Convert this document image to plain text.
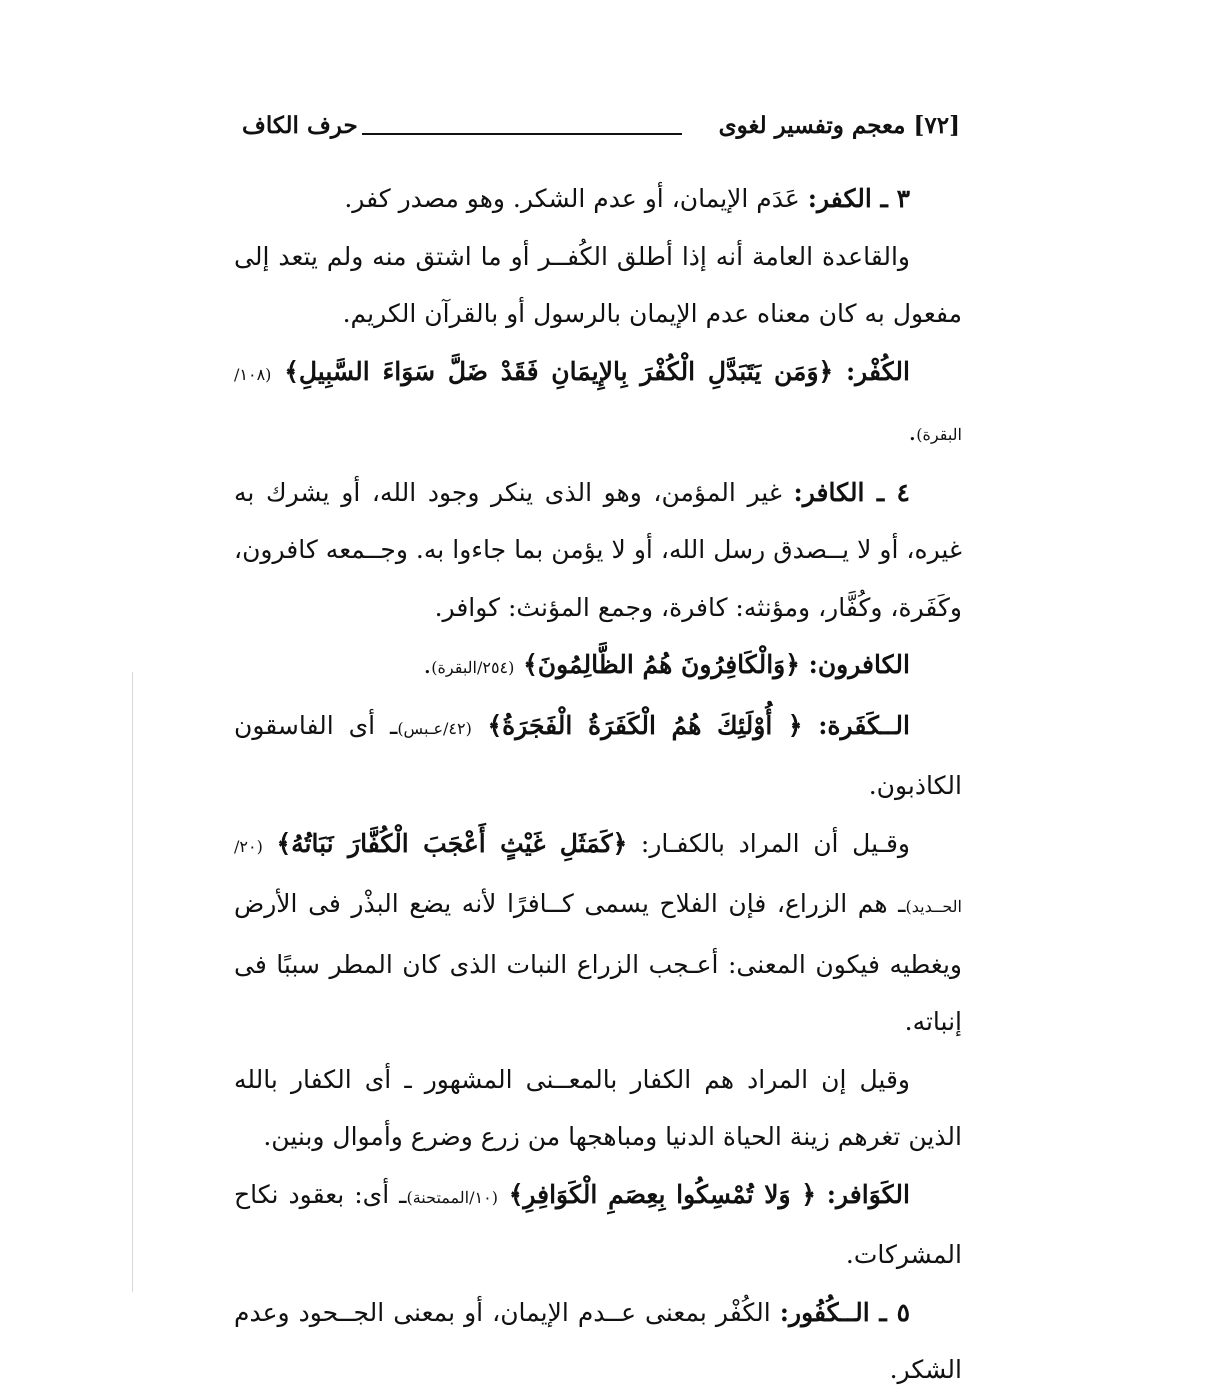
[٧٢] معجم وتفسير لغوى
حرف الكاف

٣ ـ الكفر: عَدَم الإيمان، أو عدم الشكر. وهو مصدر كفر.

والقاعدة العامة أنه إذا أطلق الكُفــر أو ما اشتق منه ولم يتعد إلى مفعول به كان معناه عدم الإيمان بالرسول أو بالقرآن الكريم.

الكُفْر: ﴿وَمَن يَتَبَدَّلِ الْكُفْرَ بِالإِيمَانِ فَقَدْ ضَلَّ سَوَاءَ السَّبِيلِ﴾ (١٠٨/البقرة).

٤ ـ الكافر: غير المؤمن، وهو الذى ينكر وجود الله، أو يشرك به غيره، أو لا يــصدق رسل الله، أو لا يؤمن بما جاءوا به. وجــمعه كافرون، وكَفَرة، وكُفَّار، ومؤنثه: كافرة، وجمع المؤنث: كوافر.

الكافرون: ﴿وَالْكَافِرُونَ هُمُ الظَّالِمُونَ﴾ (٢٥٤/البقرة).

الــكَفَرة: ﴿ أُوْلَئِكَ هُمُ الْكَفَرَةُ الْفَجَرَةُ﴾ (٤٢/عـبس)ـ أى الفاسقون الكاذبون.

وقـيل أن المراد بالكفـار: ﴿كَمَثَلِ غَيْثٍ أَعْجَبَ الْكُفَّارَ نَبَاتُهُ﴾ (٢٠/الحــديد)ـ هم الزراع، فإن الفلاح يسمى كــافرًا لأنه يضع البذْر فى الأرض ويغطيه فيكون المعنى: أعـجب الزراع النبات الذى كان المطر سببًا فى إنباته.

وقيل إن المراد هم الكفار بالمعــنى المشهور ـ أى الكفار بالله الذين تغرهم زينة الحياة الدنيا ومباهجها من زرع وضرع وأموال وبنين.

الكَوَافر: ﴿ وَلا تُمْسِكُوا بِعِصَمِ الْكَوَافِرِ﴾ (١٠/الممتحنة)ـ أى: بعقود نكاح المشركات.

٥ ـ الــكُفُور: الكُفْر بمعنى عــدم الإيمان، أو بمعنى الجــحود وعدم الشكر.
